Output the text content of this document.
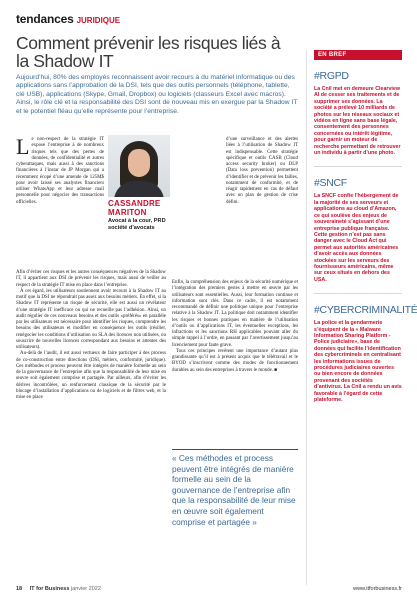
tendances JURIDIQUE
Comment prévenir les risques liés à la Shadow IT

Aujourd’hui, 80% des employés reconnaissent avoir recours à du matériel informatique ou des applications sans l’approbation de la DSI, tels que des outils personnels (téléphone, tablette, clé USB), applications (Skype, Gmail, Dropbox) ou logiciels (classeurs Excel avec macros). Ainsi, le rôle clé et la responsabilité des DSI sont de nouveau mis en exergue par la Shadow IT et le potentiel fléau qu’elle représente pour l’entreprise.

Le non-respect de la stratégie IT expose l’entreprise à de nombreux risques tels que des pertes de données, de confidentialité et autres cyberattaques, mais aussi à des sanctions financières à l’instar de JP Morgan qui a récemment écopé d’une amende de 125M$ pour avoir laissé ses analystes financiers utiliser WhatsApp et leur adresse mail personnelle pour négocier des transactions officielles.	CASSANDRE MARITON
Avocat à la cour, PRD société d’avocats

Afin d’éviter ces risques et les autres conséquences négatives de la Shadow IT, il appartient aux DSI de prévenir les risques, mais aussi de veiller au respect de la stratégie IT mise en place dans l’entreprise.

À cet égard, les utilisateurs soutiennent avoir recours à la Shadow IT au motif que la DSI ne répondrait pas assez aux besoins métiers. En effet, si la Shadow IT représente un risque de sécurité, elle est aussi un révélateur d’une stratégie IT inefficace ou qui ne recueille pas l’adhésion. Ainsi, un audit régulier de ces nouveaux besoins et des outils «préférés» en parallèle par les utilisateurs est nécessaire pour identifier les risques, comprendre les besoins des utilisateurs et modifier en conséquence les outils (résilier, renégocier les conditions d’utilisation ou SLA des licences non utilisées, ou souscrire de nouvelles licences correspondant aux besoins et attentes des utilisateurs).

Au-delà de l’audit, il est aussi vertueux de faire participer à des process de co-construction entre directions (DSI, métiers, conformité, juridique). Ces méthodes et process peuvent être intégrés de manière formelle au sein de la gouvernance de l’entreprise afin que la responsabilité de leur mise en œuvre soit également comprise et partagée. Par ailleurs, afin d’éviter les dérives incontrôlées, un renforcement classique de la sécurité par le blocage d’installation d’applications ou de logiciels et de filtres web, et la mise en place

d’une surveillance et des alertes liées à l’utilisation de Shadow IT est indispensable. Cette stratégie spécifique et outils CASB (Cloud access security broker) ou DLP (Data loss prevention) permettent d’identifier et de prévenir les failles, notamment de conformité, et de réagir rapidement en cas de défaut avec un plan de gestion de crise défini.

Enfin, la compréhension des enjeux de la sécurité numérique et l’intégration des premiers gestes à mettre en œuvre par les utilisateurs sont essentielles. Aussi, leur formation continue et information sont clés. Dans ce cadre, il est notamment recommandé de définir une politique unique pour l’entreprise relative à la Shadow IT. La politique doit notamment identifier les risques et bonnes pratiques en matière de l’utilisation d’outils ou d’applications IT, les éventuelles exceptions, les infractions et les sanctions RH applicables pouvant aller du simple rappel à l’ordre, en passant par l’avertissement jusqu’au licenciement pour faute grave.

Tous ces principes revêtent une importance d’autant plus grandissante qu’il est à présent acquis que le télétravail et le BYOD s’inscrivent comme des modes de fonctionnement durables au sein des entreprises à travers le monde. ■

« Ces méthodes et process peuvent être intégrés de manière formelle au sein de la gouvernance de l’entreprise afin que la responsabilité de leur mise en œuvre soit également comprise et partagée »
EN BREF
#RGPD
La Cnil met en demeure Clearview AI de cesser ses traitements et de supprimer ses données. La société a prélevé 10 milliards de photos sur les réseaux sociaux et vidéos en ligne sans base légale, consentement des personnes concernées ou intérêt légitime, pour garnir un moteur de recherche permettant de retrouver un individu à partir d’une photo.
#SNCF
La SNCF confie l’hébergement de la majorité de ses serveurs et applications au cloud d’Amazon, ce qui soulève des enjeux de souveraineté s’agissant d’une entreprise publique française. Cette gestion n’est pas sans danger avec le Cloud Act qui permet aux autorités américaines d’avoir accès aux données stockées sur les serveurs des fournisseurs américains, même sur ceux situés en dehors des USA.
#CYBERCRIMINALITÉ
La police et la gendarmerie s’équipent de la « Malware Information Sharing Platform - Police judiciaire», base de données qui facilite l’identification des cybercriminels en centralisant les informations issues de procédures judiciaires ouvertes ou bien encore de données provenant des sociétés d’antivirus. La Cnil a rendu un avis favorable à l’égard de cette plateforme.
18 IT for Business janvier 2022	www.itforbusiness.fr
